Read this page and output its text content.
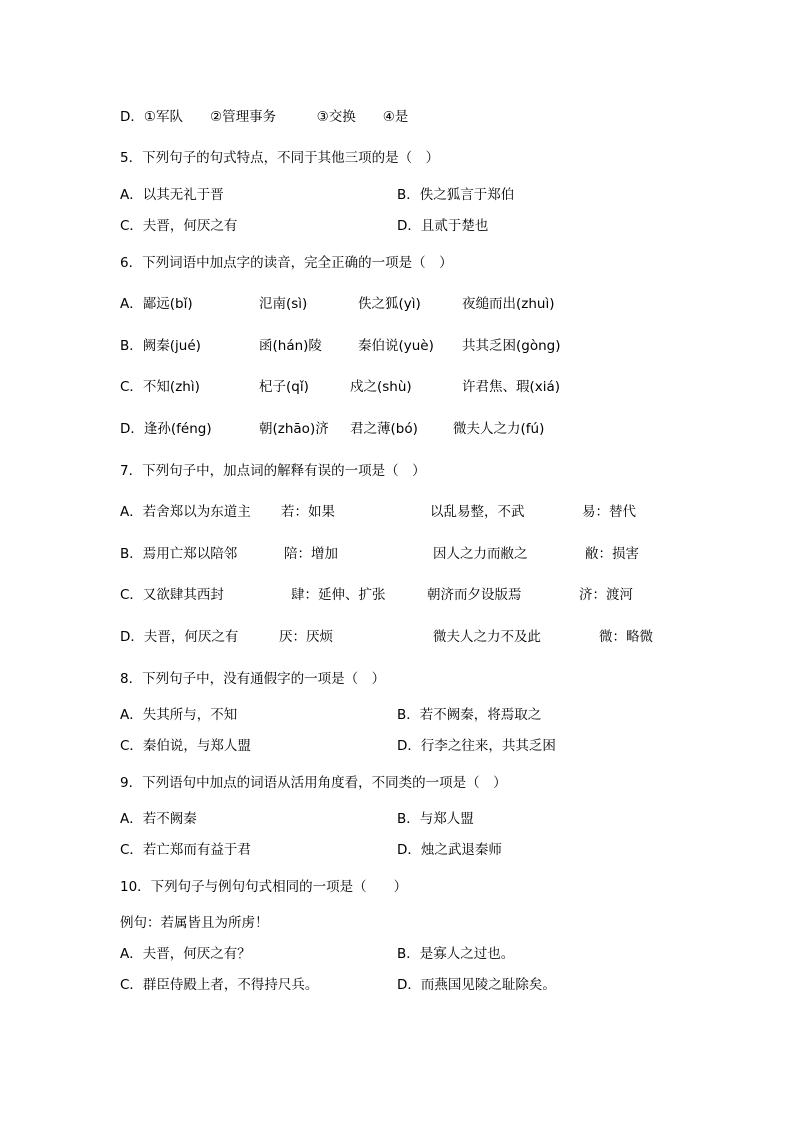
D．①军队　　②管理事务　　　③交换　　④是
5．下列句子的句式特点，不同于其他三项的是（　）
A．以其无礼于晋	B．佚之狐言于郑伯
C．夫晋，何厌之有	D．且贰于楚也
6．下列词语中加点字的读音，完全正确的一项是（　）
A．鄙远(bǐ)	氾南(sì)	佚之狐(yì)	夜缒而出(zhuì)
B．阙秦(jué)	函(hán)陵	秦伯说(yuè) 共其乏困(gòng)
C．不知(zhì)	杞子(qǐ)	戍之(shù)	许君焦、瑕(xiá)
D．逢孙(féng)	朝(zhāo)济 君之薄(bó)	微夫人之力(fú)
7．下列句子中，加点词的解释有误的一项是（　）
A．若舍郑以为东道主 若：如果	以乱易整，不武	易：替代
B．焉用亡郑以陪邻	陪：增加	因人之力而敝之	敝：损害
C．又欲肆其西封	肆：延伸、扩张	朝济而夕设版焉	济：渡河
D．夫晋，何厌之有	厌：厌烦	微夫人之力不及此	微：略微
8．下列句子中，没有通假字的一项是（　）
A．失其所与，不知	B．若不阙秦，将焉取之
C．秦伯说，与郑人盟	D．行李之往来，共其乏困
9．下列语句中加点的词语从活用角度看，不同类的一项是（　）
A．若不阙秦	B．与郑人盟
C．若亡郑而有益于君	D．烛之武退秦师
10．下列句子与例句句式相同的一项是（　　）
例句：若属皆且为所虏！
A．夫晋，何厌之有？	B．是寡人之过也。
C．群臣侍殿上者，不得持尺兵。	D．而燕国见陵之耻除矣。
